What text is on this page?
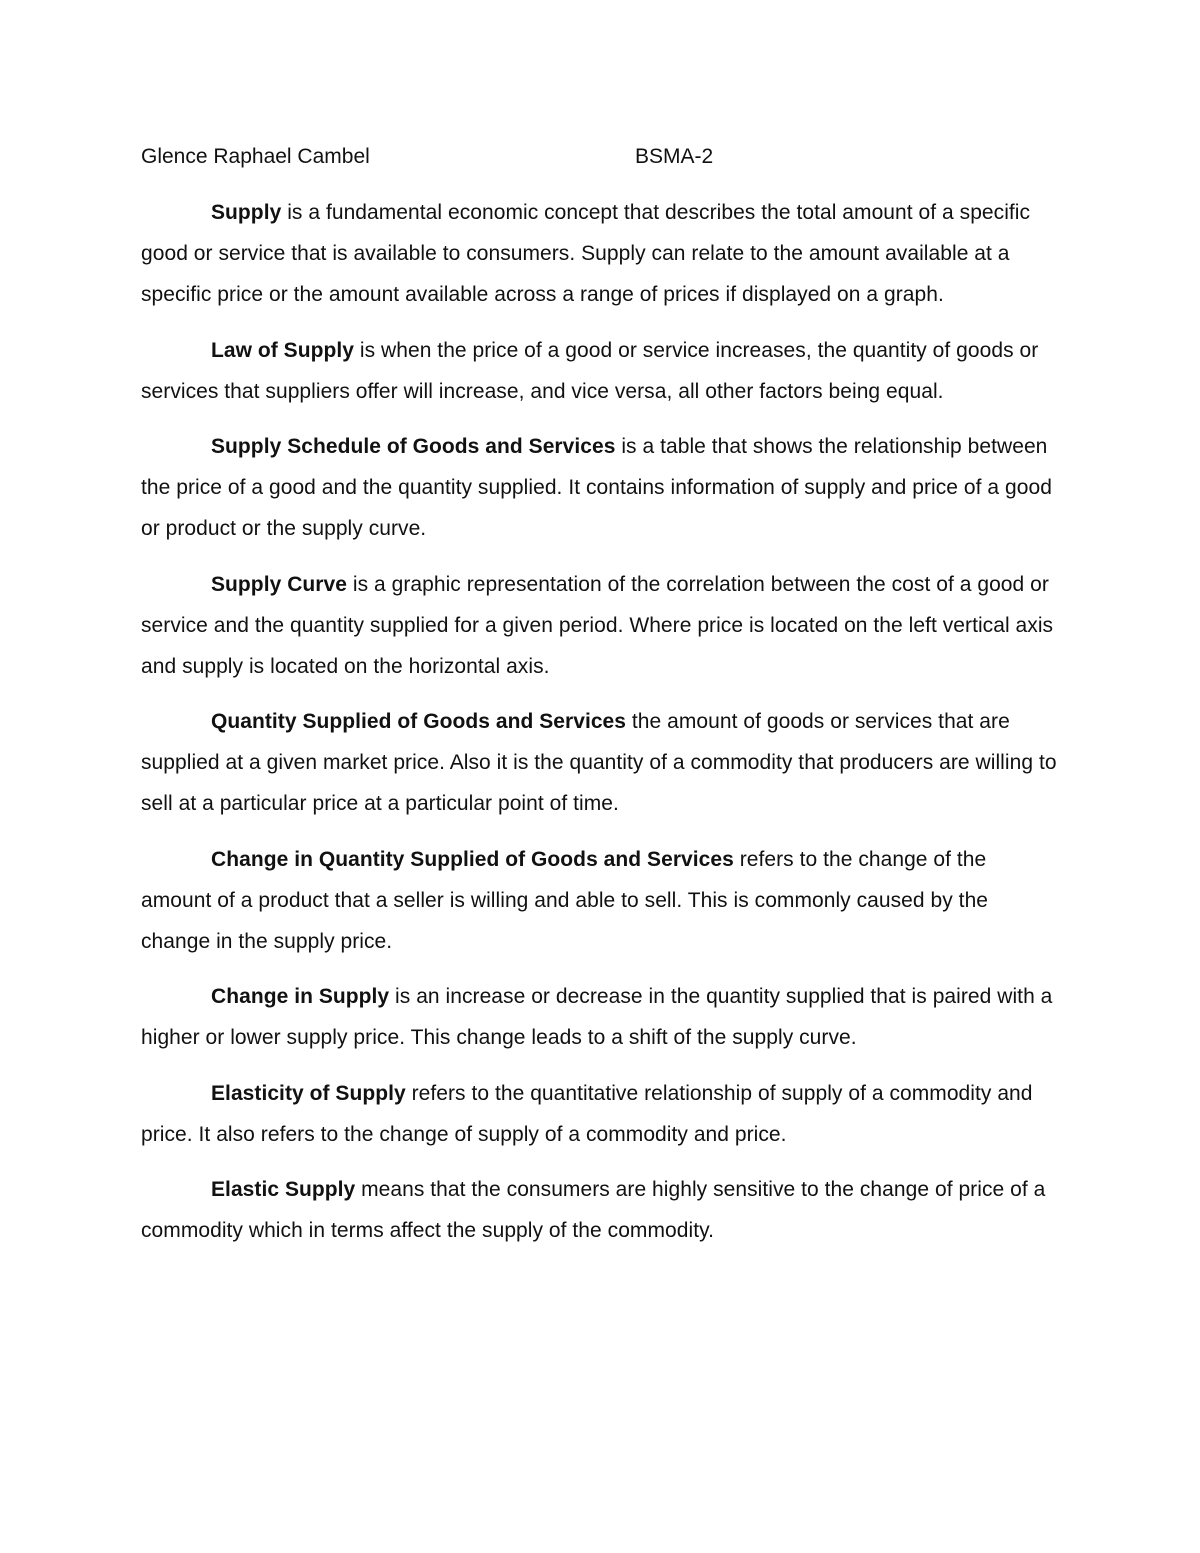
Glence Raphael Cambel	BSMA-2

Supply is a fundamental economic concept that describes the total amount of a specific good or service that is available to consumers. Supply can relate to the amount available at a specific price or the amount available across a range of prices if displayed on a graph.

Law of Supply is when the price of a good or service increases, the quantity of goods or services that suppliers offer will increase, and vice versa, all other factors being equal.

Supply Schedule of Goods and Services is a table that shows the relationship between the price of a good and the quantity supplied. It contains information of supply and price of a good or product or the supply curve.

Supply Curve is a graphic representation of the correlation between the cost of a good or service and the quantity supplied for a given period. Where price is located on the left vertical axis and supply is located on the horizontal axis.

Quantity Supplied of Goods and Services the amount of goods or services that are supplied at a given market price. Also it is the quantity of a commodity that producers are willing to sell at a particular price at a particular point of time.

Change in Quantity Supplied of Goods and Services refers to the change of the amount of a product that a seller is willing and able to sell. This is commonly caused by the change in the supply price.

Change in Supply is an increase or decrease in the quantity supplied that is paired with a higher or lower supply price. This change leads to a shift of the supply curve.

Elasticity of Supply refers to the quantitative relationship of supply of a commodity and price. It also refers to the change of supply of a commodity and price.

Elastic Supply means that the consumers are highly sensitive to the change of price of a commodity which in terms affect the supply of the commodity.
